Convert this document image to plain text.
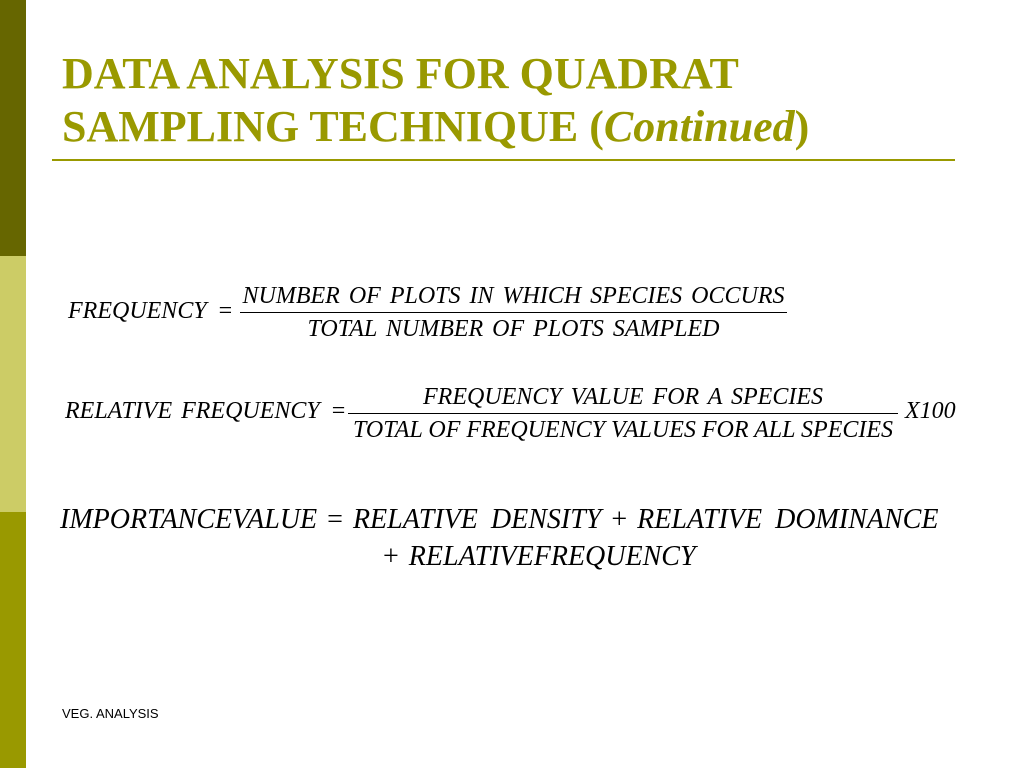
DATA ANALYSIS FOR QUADRAT
SAMPLING TECHNIQUE (Continued)
FREQUENCY =
NUMBER OF PLOTS IN WHICH SPECIES OCCURS
TOTAL NUMBER OF PLOTS SAMPLED
RELATIVE FREQUENCY =
FREQUENCY VALUE FOR A SPECIES
TOTAL OF FREQUENCY VALUES FOR ALL SPECIES
X100
IMPORTANCEVALUE = RELATIVE DENSITY + RELATIVE DOMINANCE
+ RELATIVEFREQUENCY
VEG. ANALYSIS
